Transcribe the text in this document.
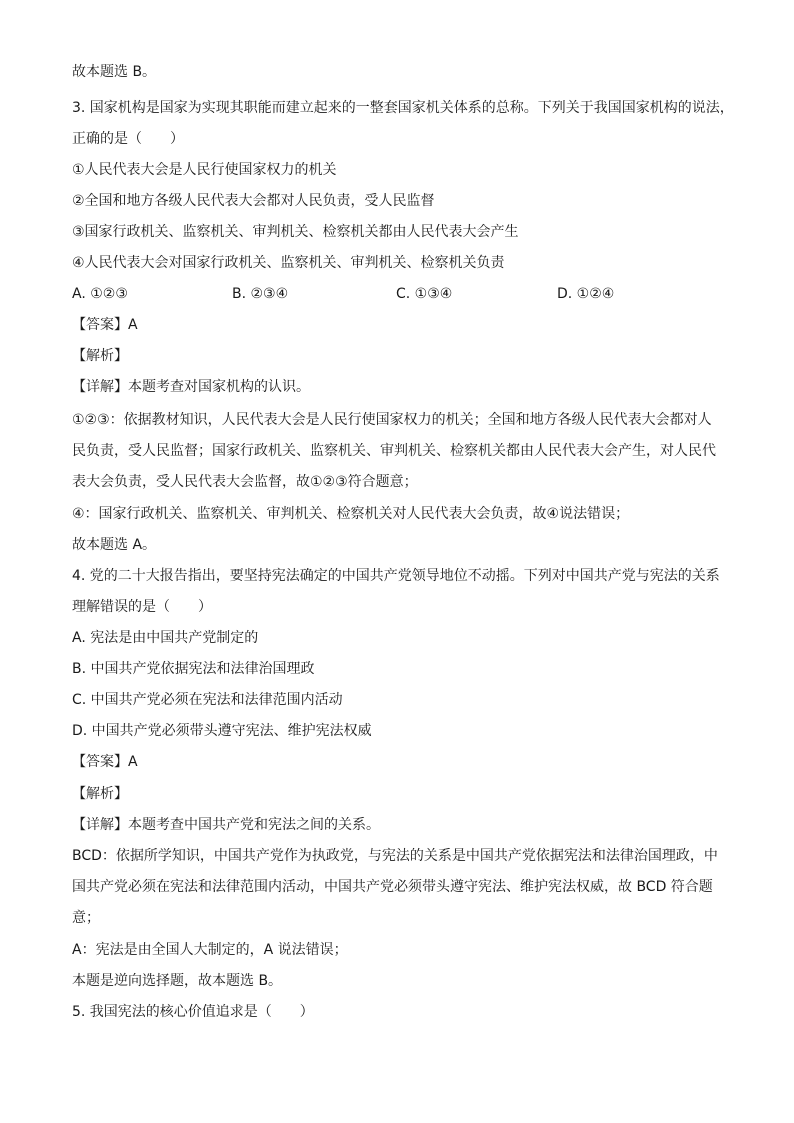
故本题选 B。
3. 国家机构是国家为实现其职能而建立起来的一整套国家机关体系的总称。下列关于我国国家机构的说法，
正确的是（　　）
①人民代表大会是人民行使国家权力的机关
②全国和地方各级人民代表大会都对人民负责，受人民监督
③国家行政机关、监察机关、审判机关、检察机关都由人民代表大会产生
④人民代表大会对国家行政机关、监察机关、审判机关、检察机关负责
A. ①②③	B. ②③④	C. ①③④	D. ①②④
【答案】A
【解析】
【详解】本题考查对国家机构的认识。
①②③：依据教材知识，人民代表大会是人民行使国家权力的机关；全国和地方各级人民代表大会都对人
民负责，受人民监督；国家行政机关、监察机关、审判机关、检察机关都由人民代表大会产生，对人民代
表大会负责，受人民代表大会监督，故①②③符合题意；
④：国家行政机关、监察机关、审判机关、检察机关对人民代表大会负责，故④说法错误；
故本题选 A。
4. 党的二十大报告指出，要坚持宪法确定的中国共产党领导地位不动摇。下列对中国共产党与宪法的关系
理解错误的是（　　）
A. 宪法是由中国共产党制定的
B. 中国共产党依据宪法和法律治国理政
C. 中国共产党必须在宪法和法律范围内活动
D. 中国共产党必须带头遵守宪法、维护宪法权威
【答案】A
【解析】
【详解】本题考查中国共产党和宪法之间的关系。
BCD：依据所学知识，中国共产党作为执政党，与宪法的关系是中国共产党依据宪法和法律治国理政，中
国共产党必须在宪法和法律范围内活动，中国共产党必须带头遵守宪法、维护宪法权威，故 BCD 符合题
意；
A：宪法是由全国人大制定的，A 说法错误；
本题是逆向选择题，故本题选 B。
5. 我国宪法的核心价值追求是（　　）
